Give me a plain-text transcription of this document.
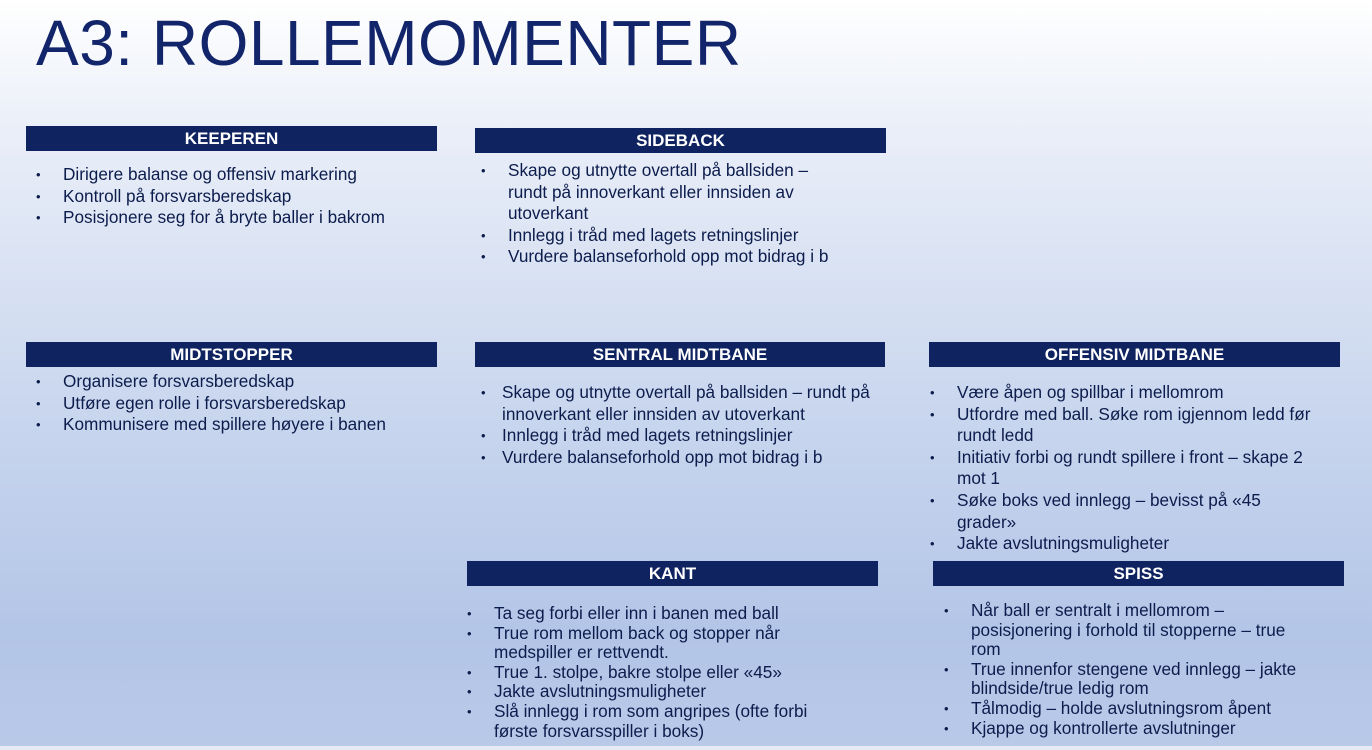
A3: ROLLEMOMENTER
KEEPEREN
• Dirigere balanse og offensiv markering
• Kontroll på forsvarsberedskap
• Posisjonere seg for å bryte baller i bakrom
SIDEBACK
• Skape og utnytte overtall på ballsiden – rundt på innoverkant eller innsiden av utoverkant
• Innlegg i tråd med lagets retningslinjer
• Vurdere balanseforhold opp mot bidrag i b
MIDTSTOPPER
• Organisere forsvarsberedskap
• Utføre egen rolle i forsvarsberedskap
• Kommunisere med spillere høyere i banen
SENTRAL MIDTBANE
• Skape og utnytte overtall på ballsiden – rundt på innoverkant eller innsiden av utoverkant
• Innlegg i tråd med lagets retningslinjer
• Vurdere balanseforhold opp mot bidrag i b
OFFENSIV MIDTBANE
• Være åpen og spillbar i mellomrom
• Utfordre med ball. Søke rom igjennom ledd før rundt ledd
• Initiativ forbi og rundt spillere i front – skape 2 mot 1
• Søke boks ved innlegg – bevisst på «45 grader»
• Jakte avslutningsmuligheter
KANT
• Ta seg forbi eller inn i banen med ball
• True rom mellom back og stopper når medspiller er rettvendt.
• True 1. stolpe, bakre stolpe eller «45»
• Jakte avslutningsmuligheter
• Slå innlegg i rom som angripes (ofte forbi første forsvarsspiller i boks)
SPISS
• Når ball er sentralt i mellomrom – posisjonering i forhold til stopperne – true rom
• True innenfor stengene ved innlegg – jakte blindside/true ledig rom
• Tålmodig – holde avslutningsrom åpent
• Kjappe og kontrollerte avslutninger
